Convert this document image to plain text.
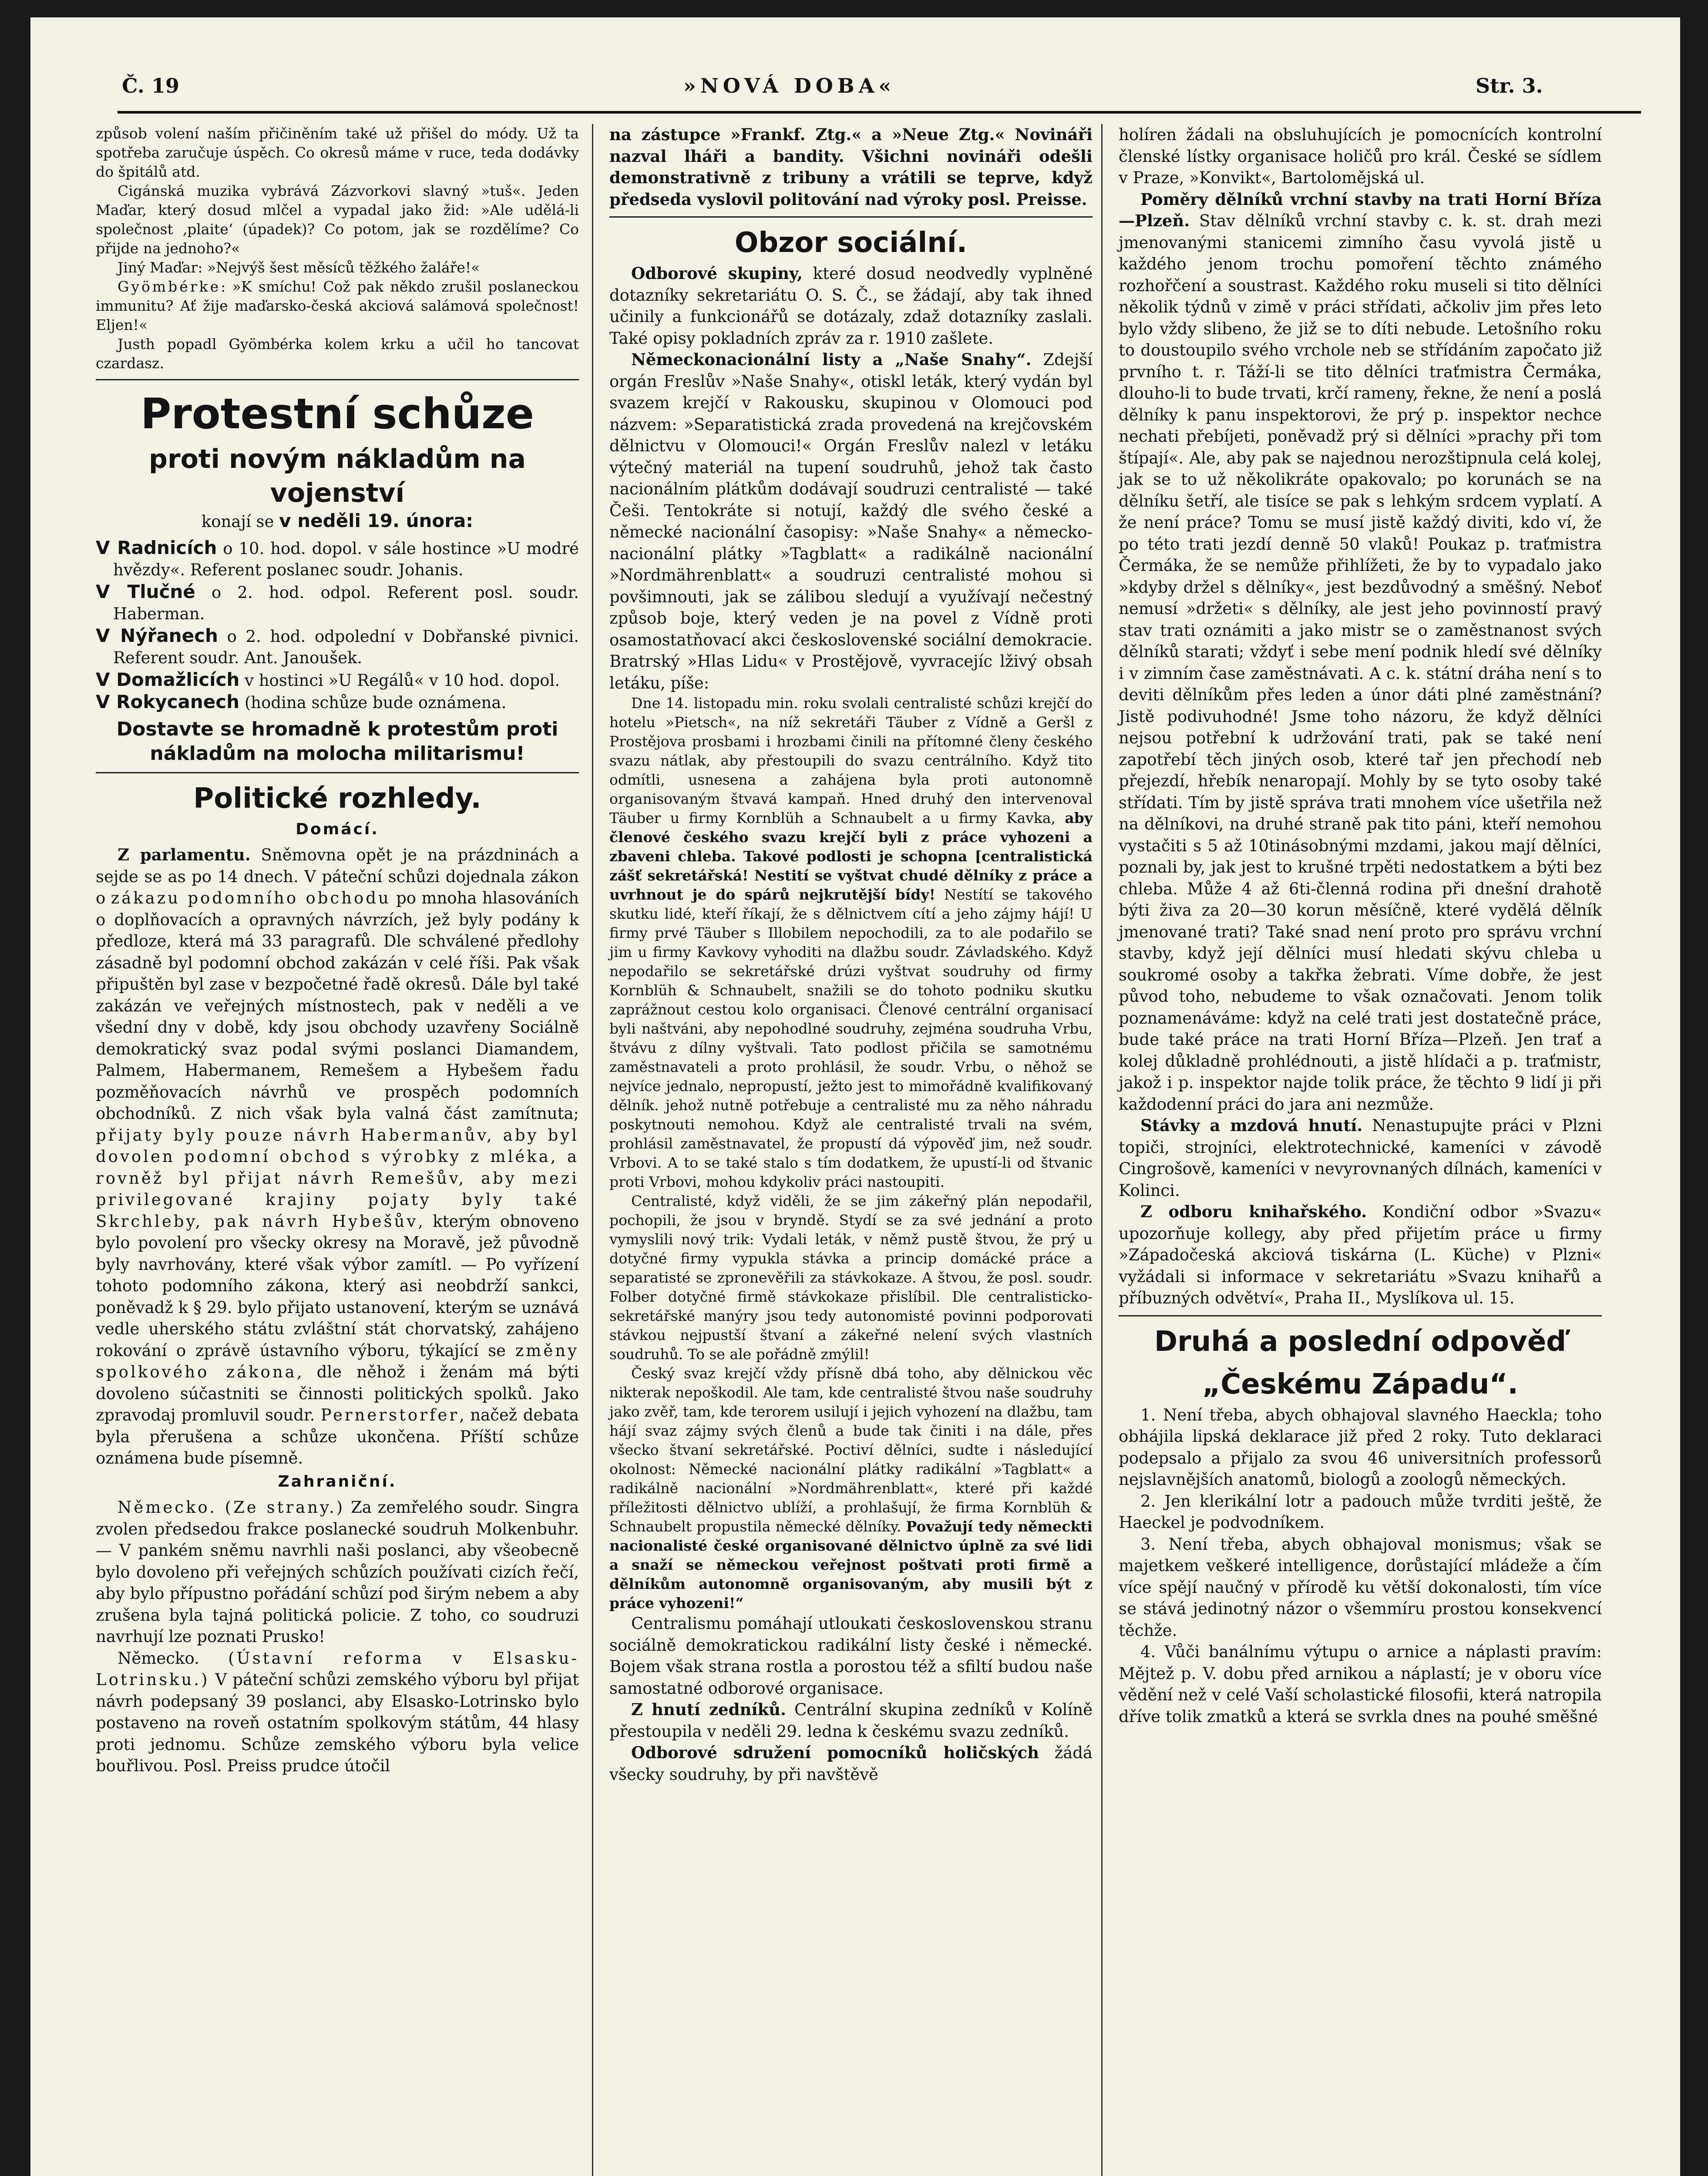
Č. 19	»NOVÁ DOBA«	Str. 3.

způsob volení naším přičiněním také už přišel do módy. Už ta spotřeba zaručuje úspěch. Co okresů máme v ruce, teda dodávky do špitálů atd.

Cigánská muzika vybrává Zázvorkovi slavný »tuš«. Jeden Maďar, který dosud mlčel a vypadal jako žid: »Ale udělá-li společnost ‚plaite‘ (úpadek)? Co potom, jak se rozdělíme? Co přijde na jednoho?«

Jiný Maďar: »Nejvýš šest měsíců těžkého žaláře!«

Gyömbérke: »K smíchu! Což pak někdo zrušil poslaneckou immunitu? Ať žije maďarsko-česká akciová salámová společnost! Eljen!«

Justh popadl Gyömbérka kolem krku a učil ho tancovat czardasz.

Protestní schůze
proti novým nákladům na vojenství

konají se v neděli 19. února:

V Radnicích o 10. hod. dopol. v sále hostince »U modré hvězdy«. Referent poslanec soudr. Johanis.

V Tlučné o 2. hod. odpol. Referent posl. soudr. Haberman.

V Nýřanech o 2. hod. odpolední v Dobřanské pivnici. Referent soudr. Ant. Janoušek.

V Domažlicích v hostinci »U Regálů« v 10 hod. dopol.

V Rokycanech (hodina schůze bude oznámena.

Dostavte se hromadně k protestům proti nákladům na molocha militarismu!
Politické rozhledy.
Domácí.

Z parlamentu. Sněmovna opět je na prázdninách a sejde se as po 14 dnech. V páteční schůzi dojednala zákon o zákazu podomního obchodu po mnoha hlasováních o doplňovacích a opravných návrzích, jež byly podány k předloze, která má 33 paragrafů. Dle schválené předlohy zásadně byl podomní obchod zakázán v celé říši. Pak však připuštěn byl zase v bezpočetné řadě okresů. Dále byl také zakázán ve veřejných místnostech, pak v neděli a ve všední dny v době, kdy jsou obchody uzavřeny Sociálně demokratický svaz podal svými poslanci Diamandem, Palmem, Habermanem, Remešem a Hybešem řadu pozměňovacích návrhů ve prospěch podomních obchodníků. Z nich však byla valná část zamítnuta; přijaty byly pouze návrh Habermanův, aby byl dovolen podomní obchod s výrobky z mléka, a rovněž byl přijat návrh Remešův, aby mezi privilegované krajiny pojaty byly také Skrchleby, pak návrh Hybešův, kterým obnoveno bylo povolení pro všecky okresy na Moravě, jež původně byly navrhovány, které však výbor zamítl. — Po vyřízení tohoto podomního zákona, který asi neobdrží sankci, poněvadž k § 29. bylo přijato ustanovení, kterým se uznává vedle uherského státu zvláštní stát chorvatský, zahájeno rokování o zprávě ústavního výboru, týkající se změny spolkového zákona, dle něhož i ženám má býti dovoleno súčastniti se činnosti politických spolků. Jako zpravodaj promluvil soudr. Pernerstorfer, načež debata byla přerušena a schůze ukončena. Příští schůze oznámena bude písemně.

Zahraniční.

Německo. (Ze strany.) Za zemřelého soudr. Singra zvolen předsedou frakce poslanecké soudruh Molkenbuhr. — V pankém sněmu navrhli naši poslanci, aby všeobecně bylo dovoleno při veřejných schůzích používati cizích řečí, aby bylo přípustno pořádání schůzí pod širým nebem a aby zrušena byla tajná politická policie. Z toho, co soudruzi navrhují lze poznati Prusko!

Německo. (Ústavní reforma v Elsasku-Lotrinsku.) V páteční schůzi zemského výboru byl přijat návrh podepsaný 39 poslanci, aby Elsasko-Lotrinsko bylo postaveno na roveň ostatním spolkovým státům, 44 hlasy proti jednomu. Schůze zemského výboru byla velice bouřlivou. Posl. Preiss prudce útočil

na zástupce »Frankf. Ztg.« a »Neue Ztg.« Novináři nazval lháři a bandity. Všichni novináři odešli demonstrativně z tribuny a vrátili se teprve, když předseda vyslovil politování nad výroky posl. Preisse.

Obzor sociální.

Odborové skupiny, které dosud neodvedly vyplněné dotazníky sekretariátu O. S. Č., se žádají, aby tak ihned učinily a funkcionářů se dotázaly, zdaž dotazníky zaslali. Také opisy pokladních zpráv za r. 1910 zašlete.

Německonacionální listy a „Naše Snahy“. Zdejší orgán Freslův »Naše Snahy«, otiskl leták, který vydán byl svazem krejčí v Rakousku, skupinou v Olomouci pod názvem: »Separatistická zrada provedená na krejčovském dělnictvu v Olomouci!« Orgán Freslův nalezl v letáku výtečný materiál na tupení soudruhů, jehož tak často nacionálním plátkům dodávají soudruzi centralisté — také Češi. Tentokráte si notují, každý dle svého české a německé nacionální časopisy: »Naše Snahy« a německo-nacionální plátky »Tagblatt« a radikálně nacionální »Nordmährenblatt« a soudruzi centralisté mohou si povšimnouti, jak se zálibou sledují a využívají nečestný způsob boje, který veden je na povel z Vídně proti osamostatňovací akci československé sociální demokracie. Bratrský »Hlas Lidu« v Prostějově, vyvracejíc lživý obsah letáku, píše:

Dne 14. listopadu min. roku svolali centralisté schůzi krejčí do hotelu »Pietsch«, na níž sekretáři Täuber z Vídně a Geršl z Prostějova prosbami i hrozbami činili na přítomné členy českého svazu nátlak, aby přestoupili do svazu centrálního. Když tito odmítli, usnesena a zahájena byla proti autonomně organisovaným štvavá kampaň. Hned druhý den intervenoval Täuber u firmy Kornblüh a Schnaubelt a u firmy Kavka, aby členové českého svazu krejčí byli z práce vyhozeni a zbaveni chleba. Takové podlosti je schopna [centralistická zášť sekretářská! Nestití se vyštvat chudé dělníky z práce a uvrhnout je do spárů nejkrutější bídy! Nestítí se takového skutku lidé, kteří říkají, že s dělnictvem cítí a jeho zájmy hájí! U firmy prvé Täuber s Illobilem nepochodili, za to ale podařilo se jim u firmy Kavkovy vyhoditi na dlažbu soudr. Závladského. Když nepodařilo se sekretářské drúzi vyštvat soudruhy od firmy Kornblüh & Schnaubelt, snažili se do tohoto podniku skutku zaprážnout cestou kolo organisaci. Členové centrální organisací byli naštváni, aby nepohodlné soudruhy, zejména soudruha Vrbu, štvávu z dílny vyštvali. Tato podlost přičila se samotnému zaměstnavateli a proto prohlásil, že soudr. Vrbu, o něhož se nejvíce jednalo, nepropustí, ježto jest to mimořádně kvalifikovaný dělník. jehož nutně potřebuje a centralisté mu za něho náhradu poskytnouti nemohou. Když ale centralisté trvali na svém, prohlásil zaměstnavatel, že propustí dá výpověď jim, než soudr. Vrbovi. A to se také stalo s tím dodatkem, že upustí-li od štvanic proti Vrbovi, mohou kdykoliv práci nastoupiti.

Centralisté, když viděli, že se jim zákeřný plán nepodařil, pochopili, že jsou v bryndě. Stydí se za své jednání a proto vymyslili nový trik: Vydali leták, v němž pustě štvou, že prý u dotyčné firmy vypukla stávka a princip domácké práce a separatisté se zpronevěřili za stávkokaze. A štvou, že posl. soudr. Folber dotyčné firmě stávkokaze přislíbil. Dle centralisticko-sekretářské manýry jsou tedy autonomisté povinni podporovati stávkou nejpustší štvaní a zákeřné nelení svých vlastních soudruhů. To se ale pořádně zmýlil!

Český svaz krejčí vždy přísně dbá toho, aby dělnickou věc nikterak nepoškodil. Ale tam, kde centralisté štvou naše soudruhy jako zvěř, tam, kde terorem usilují i jejich vyhození na dlažbu, tam hájí svaz zájmy svých členů a bude tak činiti i na dále, přes všecko štvaní sekretářské. Poctiví dělníci, sudte i následující okolnost: Německé nacionální plátky radikální »Tagblatt« a radikálně nacionální »Nordmährenblatt«, které při každé příležitosti dělnictvo ublíží, a prohlašují, že firma Kornblüh & Schnaubelt propustila německé dělníky. Považují tedy německti nacionalisté české organisované dělnictvo úplně za své lidi a snaží se německou veřejnost poštvati proti firmě a dělníkům autonomně organisovaným, aby musili být z práce vyhozeni!“

Centralismu pomáhají utloukati československou stranu sociálně demokratickou radikální listy české i německé. Bojem však strana rostla a porostou též a sfiltí budou naše samostatné odborové organisace.

Z hnutí zedníků. Centrální skupina zedníků v Kolíně přestoupila v neděli 29. ledna k českému svazu zedníků.

Odborové sdružení pomocníků holičských žádá všecky soudruhy, by při navštěvě

holíren žádali na obsluhujících je pomocnících kontrolní členské lístky organisace holičů pro král. České se sídlem v Praze, »Konvikt«, Bartolomějská ul.

Poměry dělníků vrchní stavby na trati Horní Bříza—Plzeň. Stav dělníků vrchní stavby c. k. st. drah mezi jmenovanými stanicemi zimního času vyvolá jistě u každého jenom trochu pomoření těchto známého rozhořčení a soustrast. Každého roku museli si tito dělníci několik týdnů v zimě v práci střídati, ačkoliv jim přes leto bylo vždy slibeno, že již se to díti nebude. Letošního roku to doustoupilo svého vrchole neb se střídáním započato již prvního t. r. Táží-li se tito dělníci traťmistra Čermáka, dlouho-li to bude trvati, krčí rameny, řekne, že není a poslá dělníky k panu inspektorovi, že prý p. inspektor nechce nechati přebíjeti, poněvadž prý si dělníci »prachy při tom štípají«. Ale, aby pak se najednou nerozštipnula celá kolej, jak se to už několikráte opakovalo; po korunách se na dělníku šetří, ale tisíce se pak s lehkým srdcem vyplatí. A že není práce? Tomu se musí jistě každý diviti, kdo ví, že po této trati jezdí denně 50 vlaků! Poukaz p. traťmistra Čermáka, že se nemůže přihlížeti, že by to vypadalo jako »kdyby držel s dělníky«, jest bezdůvodný a směšný. Neboť nemusí »držeti« s dělníky, ale jest jeho povinností pravý stav trati oznámiti a jako mistr se o zaměstnanost svých dělníků starati; vždyť i sebe mení podnik hledí své dělníky i v zimním čase zaměstnávati. A c. k. státní dráha není s to deviti dělníkům přes leden a únor dáti plné zaměstnání? Jistě podivuhodné! Jsme toho názoru, že když dělníci nejsou potřební k udržování trati, pak se také není zapotřebí těch jiných osob, které tař jen přechodí neb přejezdí, hřebík nenaropají. Mohly by se tyto osoby také střídati. Tím by jistě správa trati mnohem více ušetřila než na dělníkovi, na druhé straně pak tito páni, kteří nemohou vystačiti s 5 až 10tinásobnými mzdami, jakou mají dělníci, poznali by, jak jest to krušné trpěti nedostatkem a býti bez chleba. Může 4 až 6ti-členná rodina při dnešní drahotě býti živa za 20—30 korun měsíčně, které vydělá dělník jmenované trati? Také snad není proto pro správu vrchní stavby, když její dělníci musí hledati skývu chleba u soukromé osoby a takřka žebrati. Víme dobře, že jest původ toho, nebudeme to však označovati. Jenom tolik poznamenáváme: když na celé trati jest dostatečně práce, bude také práce na trati Horní Bříza—Plzeň. Jen trať a kolej důkladně prohlédnouti, a jistě hlídači a p. traťmistr, jakož i p. inspektor najde tolik práce, že těchto 9 lidí ji při každodenní práci do jara ani nezmůže.

Stávky a mzdová hnutí. Nenastupujte práci v Plzni topiči, strojníci, elektrotechnické, kameníci v závodě Cingrošově, kameníci v nevyrovnaných dílnách, kameníci v Kolinci.

Z odboru knihařského. Kondiční odbor »Svazu« upozorňuje kollegy, aby před přijetím práce u firmy »Západočeská akciová tiskárna (L. Küche) v Plzni« vyžádali si informace v sekretariátu »Svazu knihařů a příbuzných odvětví«, Praha II., Myslíkova ul. 15.

Druhá a poslední odpověď
„Českému Západu“.

1. Není třeba, abych obhajoval slavného Haeckla; toho obhájila lipská deklarace již před 2 roky. Tuto deklaraci podepsalo a přijalo za svou 46 universitních professorů nejslavnějších anatomů, biologů a zoologů německých.

2. Jen klerikální lotr a padouch může tvrditi ještě, že Haeckel je podvodníkem.

3. Není třeba, abych obhajoval monismus; však se majetkem veškeré intelligence, dorůstající mládeže a čím více spějí naučný v přírodě ku větší dokonalosti, tím více se stává jedinotný názor o všemmíru prostou konsekvencí těchže.

4. Vůči banálnímu výtupu o arnice a náplasti pravím: Mějtež p. V. dobu před arnikou a náplastí; je v oboru více vědění než v celé Vaší scholastické filosofii, která natropila dříve tolik zmatků a která se svrkla dnes na pouhé směšné
